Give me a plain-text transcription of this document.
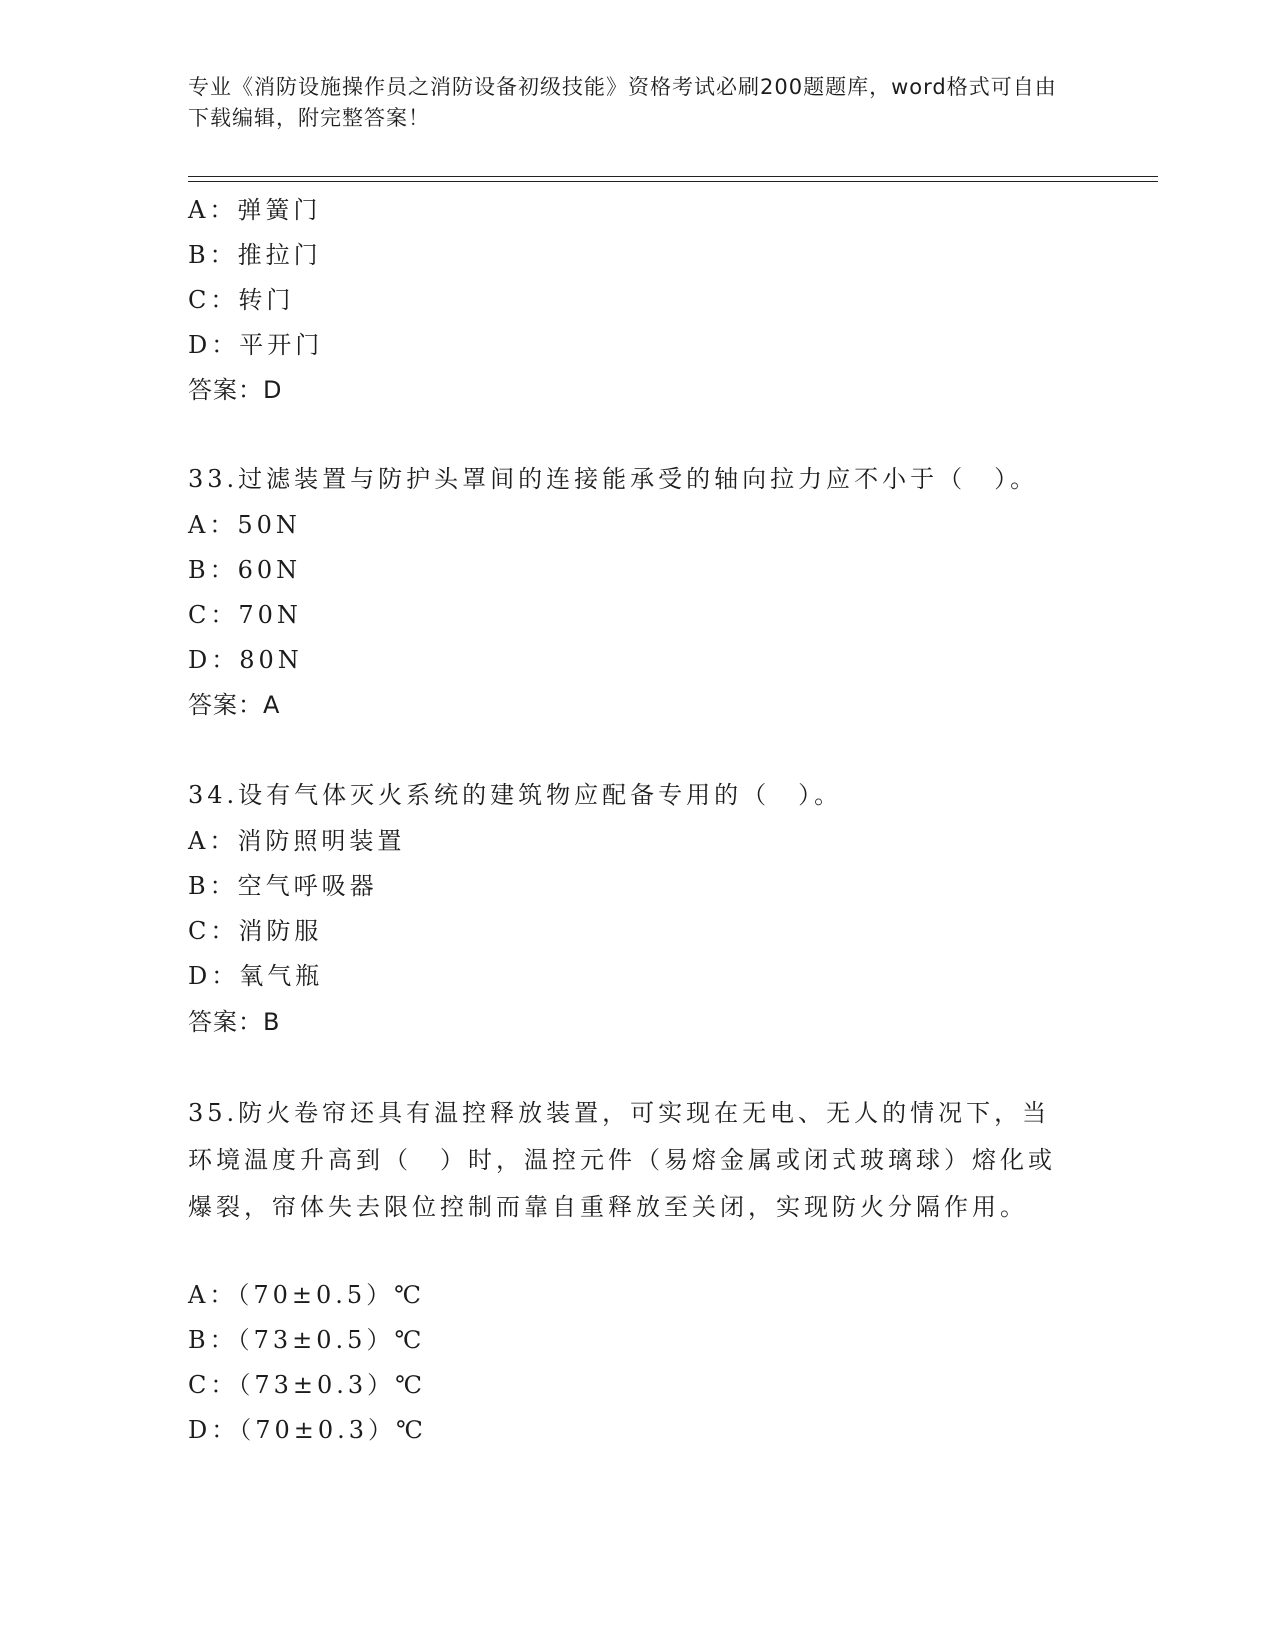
专业《消防设施操作员之消防设备初级技能》资格考试必刷200题题库，word格式可自由下载编辑，附完整答案！
A：弹簧门
B：推拉门
C：转门
D：平开门
答案：D
33.过滤装置与防护头罩间的连接能承受的轴向拉力应不小于（　）。
A：50N
B：60N
C：70N
D：80N
答案：A
34.设有气体灭火系统的建筑物应配备专用的（　）。
A：消防照明装置
B：空气呼吸器
C：消防服
D：氧气瓶
答案：B
35.防火卷帘还具有温控释放装置，可实现在无电、无人的情况下，当环境温度升高到（　）时，温控元件（易熔金属或闭式玻璃球）熔化或爆裂，帘体失去限位控制而靠自重释放至关闭，实现防火分隔作用。
A：（70±0.5）℃
B：（73±0.5）℃
C：（73±0.3）℃
D：（70±0.3）℃
